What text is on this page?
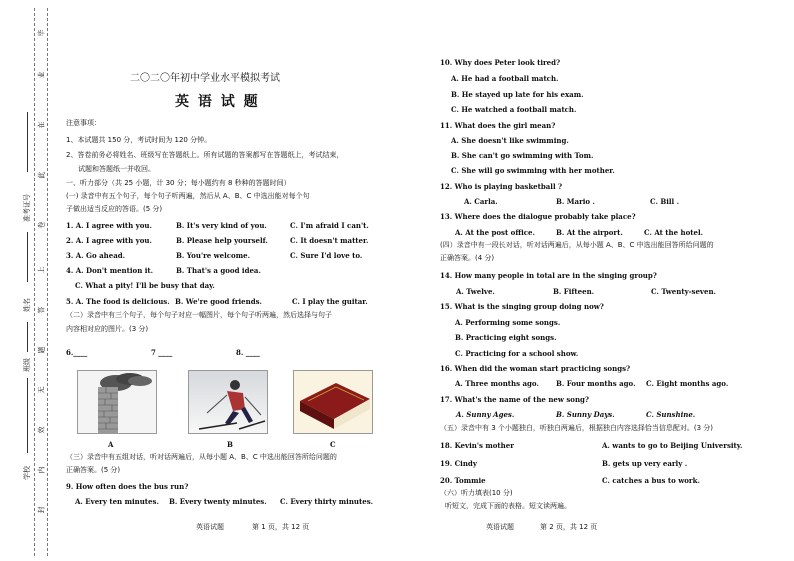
准考证号
姓名
班级
学校
毕
业
在
此
卷
上
答
题
无
效
内
封
二〇二〇年初中学业水平模拟考试
英 语 试 题
注意事项：
1、本试题共 150 分，考试时间为 120 分钟。
2、答卷前务必将姓名、班级写在答题纸上。所有试题的答案都写在答题纸上，考试结束，
试题和答题纸一并收回。
一、听力部分（共 25 小题，计 30 分；每小题约有 8 秒种的答题时间）
(一) 录音中有五个句子，每个句子听两遍，然后从 A、B、C 中选出能对每个句
子做出适当反应的答语。(5 分)
1. A. I agree with you.	B. It's very kind of you.	C. I'm afraid I can't.
2. A. I agree with you.	B. Please help yourself.	C. It doesn't matter.
3. A. Go ahead.	B. You're welcome.	C. Sure I'd love to.
4. A. Don't mention it.	B. That's a good idea.
C. What a pity! I'll be busy that day.
5. A. The food is delicious. B. We're good friends.	C. I play the guitar.
（二）录音中有三个句子，每个句子对应一幅图片，每个句子听两遍，然后选择与句子
内容相对应的图片。(3 分)
6.____	7 ____	8. ____
A	B	C
（三）录音中有五组对话，听对话两遍后，从每小题 A、B、C 中选出能回答所给问题的
正确答案。(5 分)
9. How often does the bus run?
A. Every ten minutes. B. Every twenty minutes. C. Every thirty minutes.
英语试题	第 1 页，共 12 页
10. Why does Peter look tired?
A. He had a football match.
B. He stayed up late for his exam.
C. He watched a football match.
11. What does the girl mean?
A. She doesn't like swimming.
B. She can't go swimming with Tom.
C. She will go swimming with her mother.
12. Who is playing basketball ?
A. Carla.	B. Mario .	C. Bill .
13. Where does the dialogue probably take place?
A. At the post office.	B. At the airport.	C. At the hotel.
(四）录音中有一段长对话，听对话两遍后，从每小题 A、B、C 中选出能回答所给问题的
正确答案。(4 分)
14. How many people in total are in the singing group?
A. Twelve.	B. Fifteen.	C. Twenty-seven.
15. What is the singing group doing now?
A. Performing some songs.
B. Practicing eight songs.
C. Practicing for a school show.
16. When did the woman start practicing songs?
A. Three months ago. B. Four months ago. C. Eight months ago.
17. What's the name of the new song?
A. Sunny Ages.	B. Sunny Days.	C. Sunshine.
（五）录音中有 3 个小题独白，听独白两遍后，根据独白内容选择恰当信息配对。(3 分)
18. Kevin's mother	A. wants to go to Beijing University.
19. Cindy	B. gets up very early .
20. Tommie	C. catches a bus to work.
（六）听力填表(10 分)
听短文，完成下面的表格。短文读两遍。
英语试题	第 2 页，共 12 页
